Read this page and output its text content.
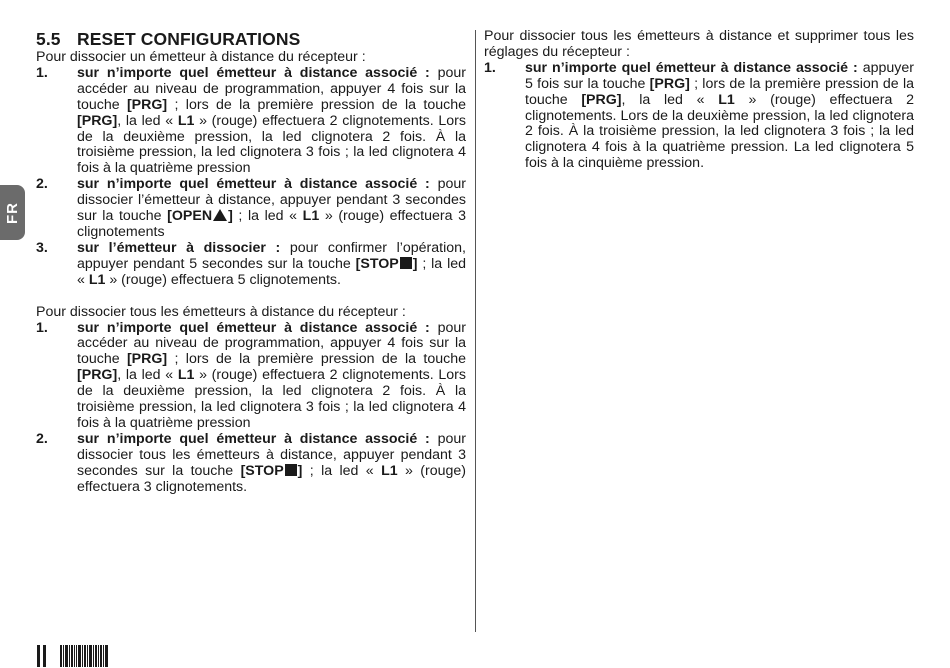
FR
5.5 RESET CONFIGURATIONS

Pour dissocier un émetteur à distance du récepteur :

1. sur n’importe quel émetteur à distance associé : pour accéder au niveau de programmation, appuyer 4 fois sur la touche [PRG] ; lors de la première pression de la touche [PRG], la led « L1 » (rouge) effectuera 2 clignotements. Lors de la deuxième pression, la led clignotera 2 fois. À la troisième pression, la led clignotera 3 fois ; la led clignotera 4 fois à la quatrième pression
2. sur n’importe quel émetteur à distance associé : pour dissocier l’émetteur à distance, appuyer pendant 3 secondes sur la touche [OPEN ] ; la led « L1 » (rouge) effectuera 3 clignotements
3. sur l’émetteur à dissocier : pour confirmer l’opération, appuyer pendant 5 secondes sur la touche [STOP ] ; la led « L1 » (rouge) effectuera 5 clignotements.

Pour dissocier tous les émetteurs à distance du récepteur :

1. sur n’importe quel émetteur à distance associé : pour accéder au niveau de programmation, appuyer 4 fois sur la touche [PRG] ; lors de la première pression de la touche [PRG], la led « L1 » (rouge) effectuera 2 clignotements. Lors de la deuxième pression, la led clignotera 2 fois. À la troisième pression, la led clignotera 3 fois ; la led clignotera 4 fois à la quatrième pression
2. sur n’importe quel émetteur à distance associé : pour dissocier tous les émetteurs à distance, appuyer pendant 3 secondes sur la touche [STOP ] ; la led « L1 » (rouge) effectuera 3 clignotements.

Pour dissocier tous les émetteurs à distance et supprimer tous les réglages du récepteur :

1. sur n’importe quel émetteur à distance associé : appuyer 5 fois sur la touche [PRG] ; lors de la première pression de la touche [PRG], la led « L1 » (rouge) effectuera 2 clignotements. Lors de la deuxième pression, la led clignotera 2 fois. À la troisième pression, la led clignotera 3 fois ; la led clignotera 4 fois à la quatrième pression. La led clignotera 5 fois à la cinquième pression.
